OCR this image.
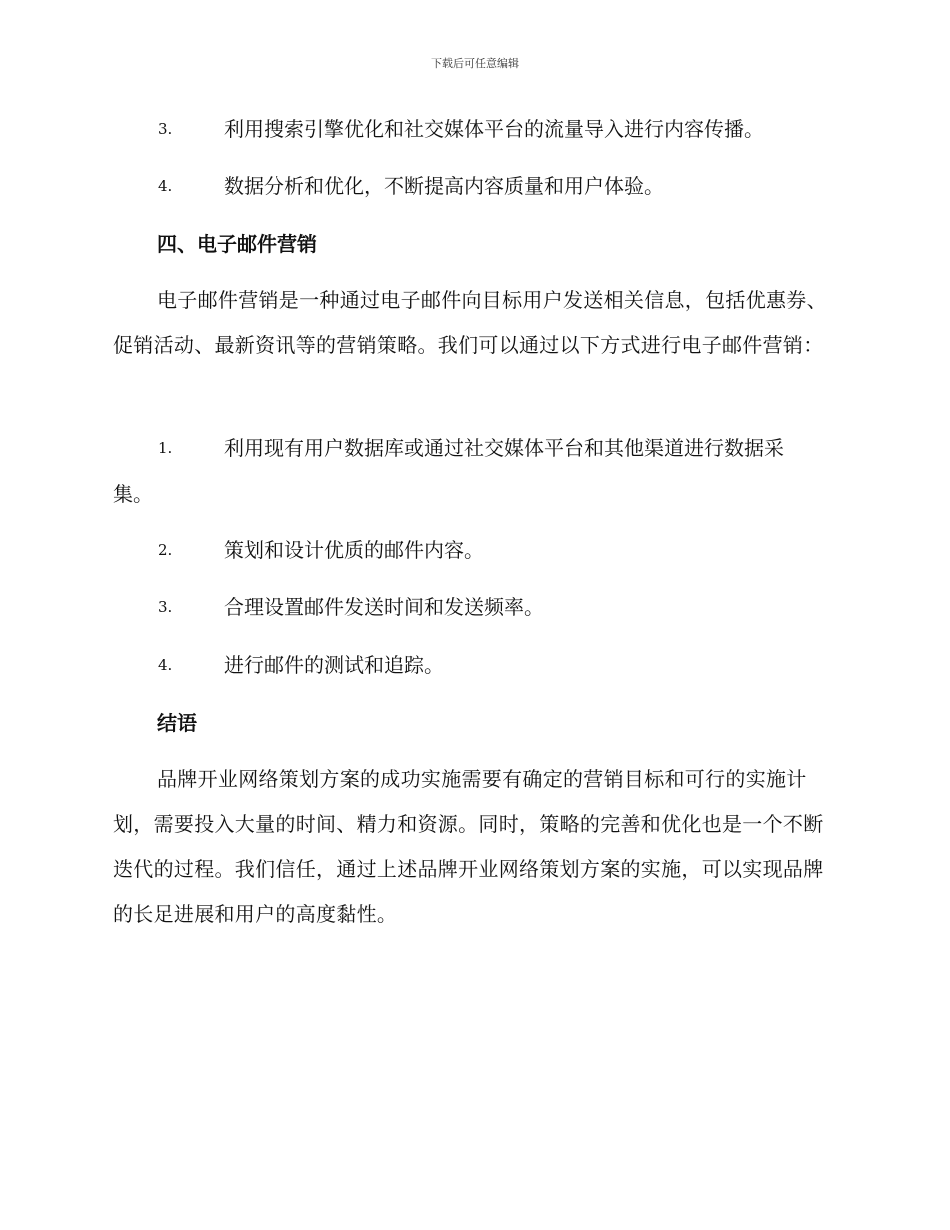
下载后可任意编辑
3.	利用搜索引擎优化和社交媒体平台的流量导入进行内容传播。
4.	数据分析和优化，不断提高内容质量和用户体验。
四、电子邮件营销
电子邮件营销是一种通过电子邮件向目标用户发送相关信息，包括优惠券、促销活动、最新资讯等的营销策略。我们可以通过以下方式进行电子邮件营销：
1.	利用现有用户数据库或通过社交媒体平台和其他渠道进行数据采
集。
2.	策划和设计优质的邮件内容。
3.	合理设置邮件发送时间和发送频率。
4.	进行邮件的测试和追踪。
结语
品牌开业网络策划方案的成功实施需要有确定的营销目标和可行的实施计划，需要投入大量的时间、精力和资源。同时，策略的完善和优化也是一个不断迭代的过程。我们信任，通过上述品牌开业网络策划方案的实施，可以实现品牌的长足进展和用户的高度黏性。
